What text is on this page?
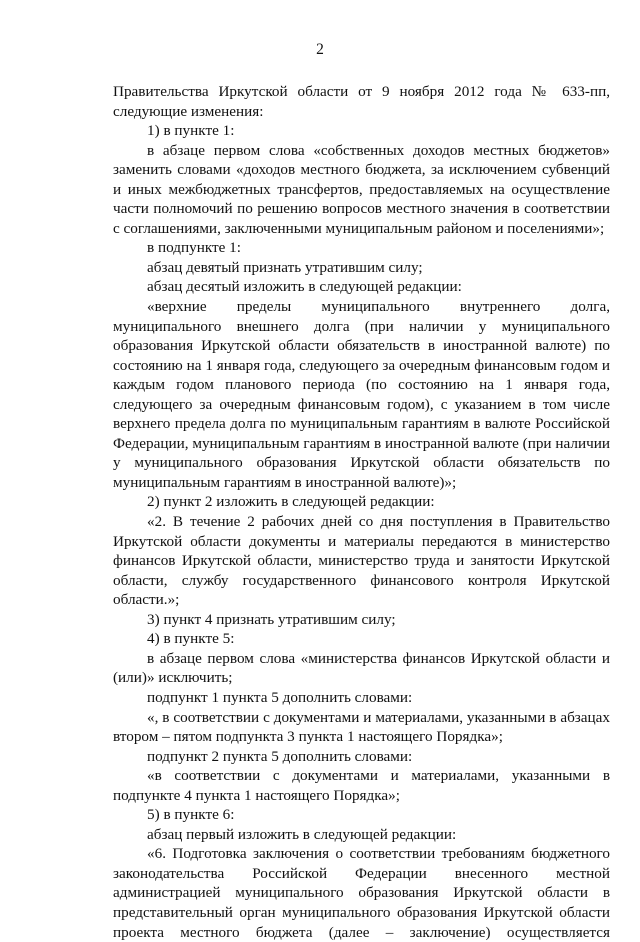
2

Правительства Иркутской области от 9 ноября 2012 года № 633-пп, следующие изменения:

1) в пункте 1:

в абзаце первом слова «собственных доходов местных бюджетов» заменить словами «доходов местного бюджета, за исключением субвенций и иных межбюджетных трансфертов, предоставляемых на осуществление части полномочий по решению вопросов местного значения в соответствии с соглашениями, заключенными муниципальным районом и поселениями»;

в подпункте 1:

абзац девятый признать утратившим силу;

абзац десятый изложить в следующей редакции:

«верхние пределы муниципального внутреннего долга, муниципального внешнего долга (при наличии у муниципального образования Иркутской области обязательств в иностранной валюте) по состоянию на 1 января года, следующего за очередным финансовым годом и каждым годом планового периода (по состоянию на 1 января года, следующего за очередным финансовым годом), с указанием в том числе верхнего предела долга по муниципальным гарантиям в валюте Российской Федерации, муниципальным гарантиям в иностранной валюте (при наличии у муниципального образования Иркутской области обязательств по муниципальным гарантиям в иностранной валюте)»;

2) пункт 2 изложить в следующей редакции:

«2. В течение 2 рабочих дней со дня поступления в Правительство Иркутской области документы и материалы передаются в министерство финансов Иркутской области, министерство труда и занятости Иркутской области, службу государственного финансового контроля Иркутской области.»;

3) пункт 4 признать утратившим силу;

4) в пункте 5:

в абзаце первом слова «министерства финансов Иркутской области и (или)» исключить;

подпункт 1 пункта 5 дополнить словами:

«, в соответствии с документами и материалами, указанными в абзацах втором – пятом подпункта 3 пункта 1 настоящего Порядка»;

подпункт 2 пункта 5 дополнить словами:

«в соответствии с документами и материалами, указанными в подпункте 4 пункта 1 настоящего Порядка»;

5) в пункте 6:

абзац первый изложить в следующей редакции:

«6. Подготовка заключения о соответствии требованиям бюджетного законодательства Российской Федерации внесенного местной администрацией муниципального образования Иркутской области в представительный орган муниципального образования Иркутской области проекта местного бюджета (далее – заключение) осуществляется
